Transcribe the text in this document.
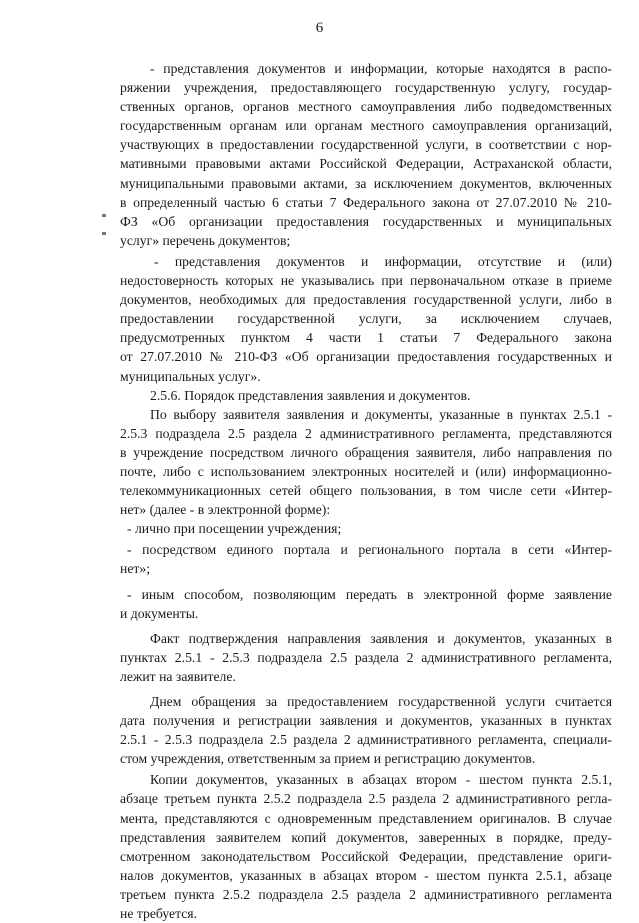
6
- представления документов и информации, которые находятся в распо-
ряжении учреждения, предоставляющего государственную услугу, государ-
ственных органов, органов местного самоуправления либо подведомственных
государственным органам или органам местного самоуправления организаций,
участвующих в предоставлении государственной услуги, в соответствии с нор-
мативными правовыми актами Российской Федерации, Астраханской области,
муниципальными правовыми актами, за исключением документов, включенных
в определенный частью 6 статьи 7 Федерального закона от 27.07.2010 № 210-
ФЗ «Об организации предоставления государственных и муниципальных
услуг» перечень документов;
- представления документов и информации, отсутствие и (или)
недостоверность которых не указывались при первоначальном отказе в приеме
документов, необходимых для предоставления государственной услуги, либо в
предоставлении государственной услуги, за исключением случаев,
предусмотренных пунктом 4 части 1 статьи 7 Федерального закона
от 27.07.2010 № 210-ФЗ «Об организации предоставления государственных и
муниципальных услуг».
2.5.6. Порядок представления заявления и документов.
По выбору заявителя заявления и документы, указанные в пунктах 2.5.1 -
2.5.3 подраздела 2.5 раздела 2 административного регламента, представляются
в учреждение посредством личного обращения заявителя, либо направления по
почте, либо с использованием электронных носителей и (или) информационно-
телекоммуникационных сетей общего пользования, в том числе сети «Интер-
нет» (далее - в электронной форме):
- лично при посещении учреждения;
- посредством единого портала и регионального портала в сети «Интер-
нет»;
- иным способом, позволяющим передать в электронной форме заявление
и документы.
Факт подтверждения направления заявления и документов, указанных в
пунктах 2.5.1 - 2.5.3 подраздела 2.5 раздела 2 административного регламента,
лежит на заявителе.
Днем обращения за предоставлением государственной услуги считается
дата получения и регистрации заявления и документов, указанных в пунктах
2.5.1 - 2.5.3 подраздела 2.5 раздела 2 административного регламента, специали-
стом учреждения, ответственным за прием и регистрацию документов.
Копии документов, указанных в абзацах втором - шестом пункта 2.5.1,
абзаце третьем пункта 2.5.2 подраздела 2.5 раздела 2 административного регла-
мента, представляются с одновременным представлением оригиналов. В случае
представления заявителем копий документов, заверенных в порядке, преду-
смотренном законодательством Российской Федерации, представление ориги-
налов документов, указанных в абзацах втором - шестом пункта 2.5.1, абзаце
третьем пункта 2.5.2 подраздела 2.5 раздела 2 административного регламента
не требуется.
